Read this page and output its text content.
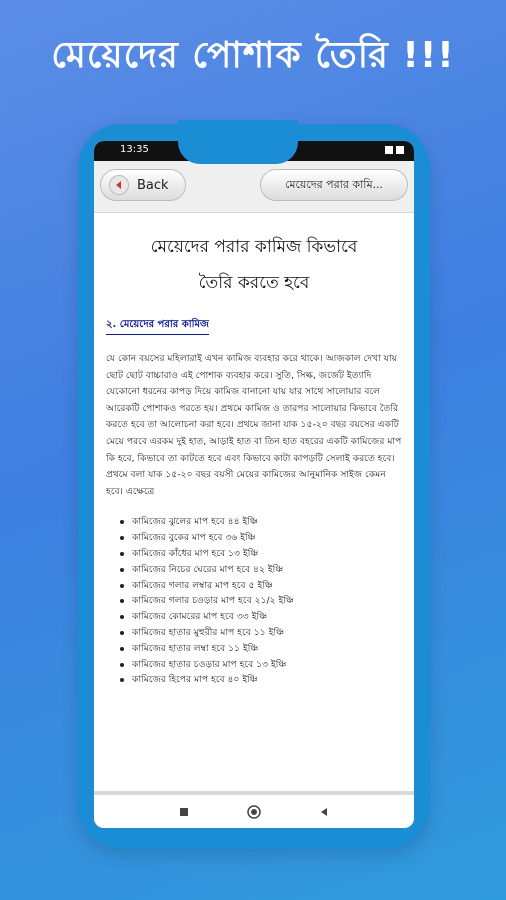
মেয়েদের পোশাক তৈরি !!!
13:35
Back	মেয়েদের পরার কামি...
মেয়েদের পরার কামিজ কিভাবে
তৈরি করতে হবে
২. মেয়েদের পরার কামিজ

যে কোন বয়সের মহিলারাই এখন কামিজ ব্যবহার করে থাকে। আজকাল দেখা যায় ছোট ছোট বাচ্চারাও এই পোশাক ব্যবহার করে। সুতি, সিল্ক, জর্জেট ইত্যাদি যেকোনো ধরনের কাপড় দিয়ে কামিজ বানানো যায় যার সাথে সালোয়ার বলে আরেকটি পোশাকও পরতে হয়। প্রথমে কামিজ ও তারপর সালোয়ার কিভাবে তৈরি করতে হবে তা আলোচনা করা হবে। প্রথমে জানা যাক ১৫-২০ বছর বয়সের একটি মেয়ে পরবে এরকম দুই হাত, আড়াই হাত বা তিন হাত বহরের একটি কামিজের মাপ কি হবে, কিভাবে তা কাটতে হবে এবং কিভাবে কাটা কাপড়টি সেলাই করতে হবে। প্রথমে বলা যাক ১৫-২০ বছর বয়সী মেয়ের কামিজের আনুমানিক সাইজ কেমন হবে। এক্ষেত্রে

কামিজের ঝুলের মাপ হবে ৪৪ ইঞ্চি
কামিজের বুকের মাপ হবে ৩৬ ইঞ্চি
কামিজের কাঁধের মাপ হবে ১৩ ইঞ্চি
কামিজের নিচের ঘেরের মাপ হবে ৪২ ইঞ্চি
কামিজের গলার লম্বার মাপ হবে ৫ ইঞ্চি
কামিজের গলার চওড়ার মাপ হবে ২১/২ ইঞ্চি
কামিজের কোমরের মাপ হবে ৩৩ ইঞ্চি
কামিজের হাতার মুহুরীর মাপ হবে ১১ ইঞ্চি
কামিজের হাতার লম্বা হবে ১১ ইঞ্চি
কামিজের হাতার চওড়ার মাপ হবে ১৩ ইঞ্চি
কামিজের হিপের মাপ হবে ৪০ ইঞ্চি
